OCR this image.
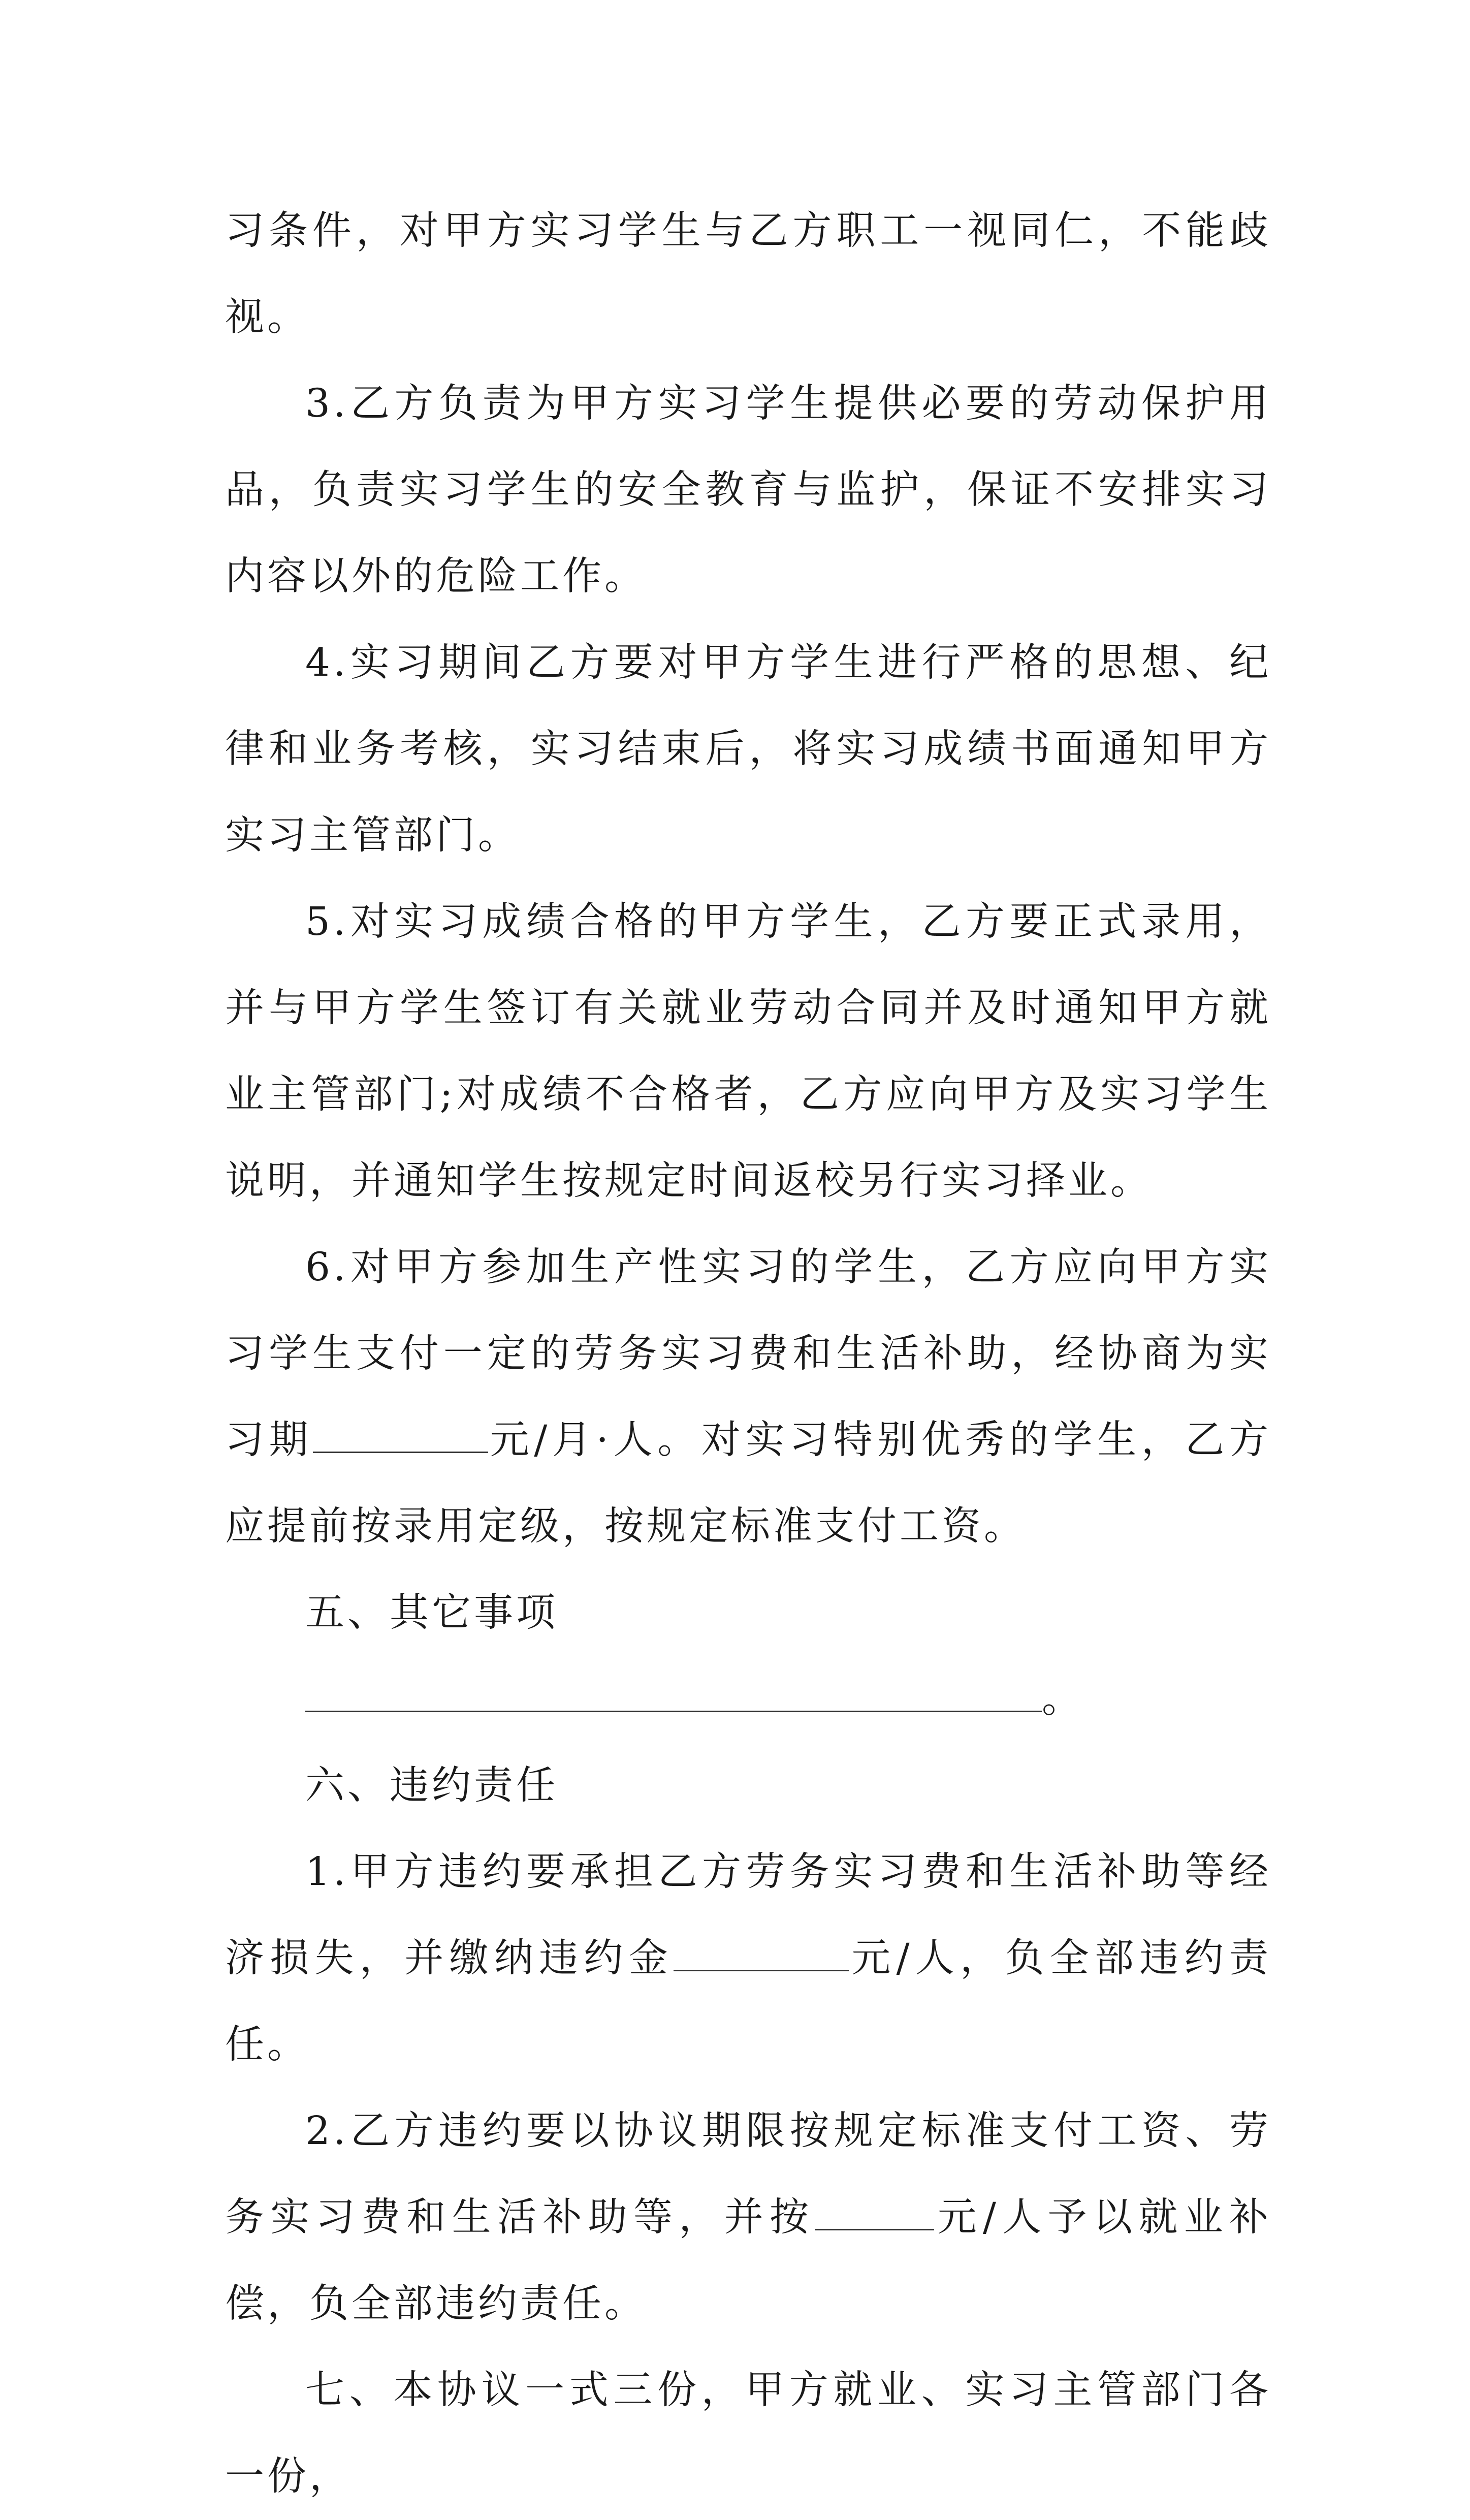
习条件，对甲方实习学生与乙方职工一视同仁，不能歧视。

3.乙方负责为甲方实习学生提供必要的劳动保护用品，负责实习学生的安全教育与监护，保证不安排实习内容以外的危险工作。

4.实习期间乙方要对甲方学生进行严格的思想、纪律和业务考核，实习结束后，将实习成绩书面通知甲方实习主管部门。

5.对实习成绩合格的甲方学生，乙方要正式录用，并与甲方学生签订有关就业劳动合同并及时通知甲方就业主管部门;对成绩不合格者，乙方应向甲方及实习学生说明，并通知学生按规定时间返校另行实习择业。

6.对甲方参加生产性实习的学生，乙方应向甲方实习学生支付一定的劳务实习费和生活补助，经协商为实习期	元/月·人。对实习特别优秀的学生，乙方应提前按录用定级，按规定标准支付工资。

五、其它事项

。

六、违约责任

1.甲方违约要承担乙方劳务实习费和生活补助等经济损失，并缴纳违约金	元/人，负全部违约责任。

2.乙方违约要以协议期限按规定标准支付工资、劳务实习费和生活补助等，并按	元/人予以就业补偿，负全部违约责任。

七、本协议一式三份，甲方就业、实习主管部门各一份，
